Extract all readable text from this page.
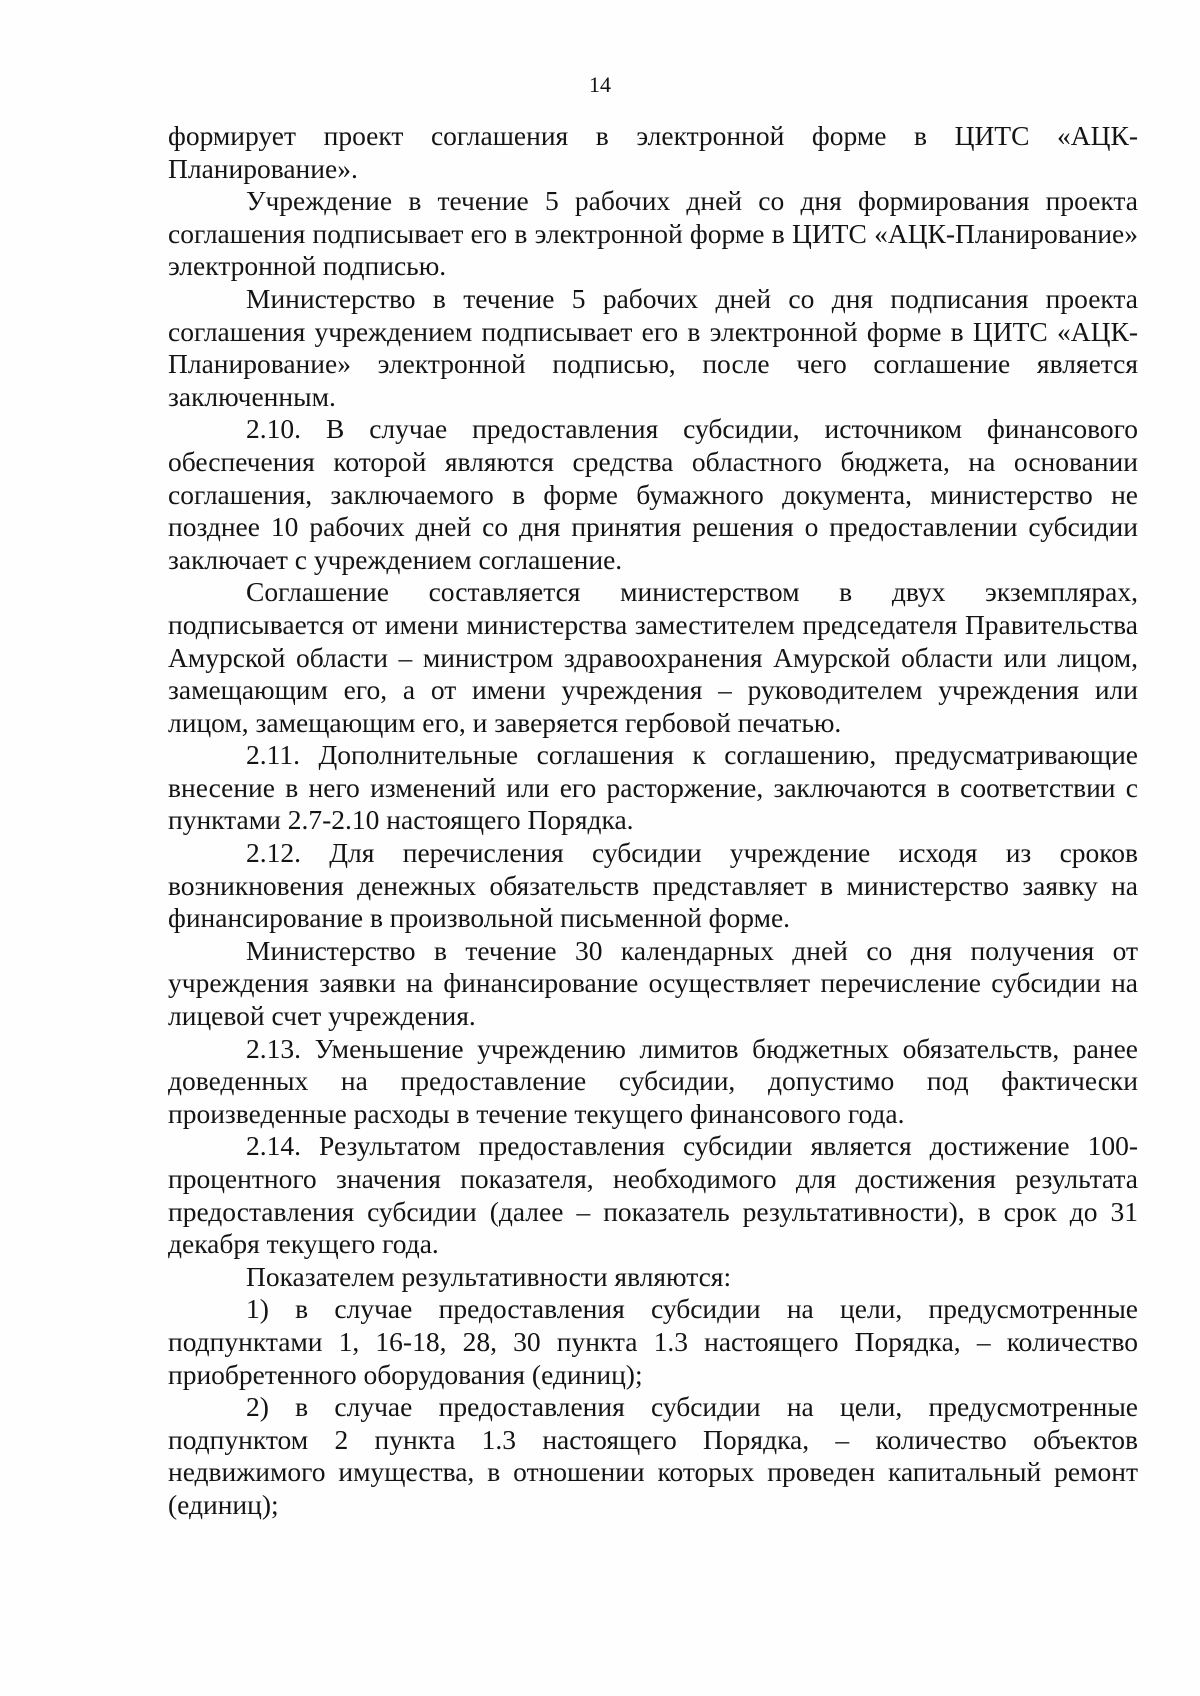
14

формирует проект соглашения в электронной форме в ЦИТС «АЦК-Планирование».

Учреждение в течение 5 рабочих дней со дня формирования проекта соглашения подписывает его в электронной форме в ЦИТС «АЦК-Планирование» электронной подписью.

Министерство в течение 5 рабочих дней со дня подписания проекта соглашения учреждением подписывает его в электронной форме в ЦИТС «АЦК-Планирование» электронной подписью, после чего соглашение является заключенным.

2.10. В случае предоставления субсидии, источником финансового обеспечения которой являются средства областного бюджета, на основании соглашения, заключаемого в форме бумажного документа, министерство не позднее 10 рабочих дней со дня принятия решения о предоставлении субсидии заключает с учреждением соглашение.

Соглашение составляется министерством в двух экземплярах, подписывается от имени министерства заместителем председателя Правительства Амурской области – министром здравоохранения Амурской области или лицом, замещающим его, а от имени учреждения – руководителем учреждения или лицом, замещающим его, и заверяется гербовой печатью.

2.11. Дополнительные соглашения к соглашению, предусматривающие внесение в него изменений или его расторжение, заключаются в соответствии с пунктами 2.7-2.10 настоящего Порядка.

2.12. Для перечисления субсидии учреждение исходя из сроков возникновения денежных обязательств представляет в министерство заявку на финансирование в произвольной письменной форме.

Министерство в течение 30 календарных дней со дня получения от учреждения заявки на финансирование осуществляет перечисление субсидии на лицевой счет учреждения.

2.13. Уменьшение учреждению лимитов бюджетных обязательств, ранее доведенных на предоставление субсидии, допустимо под фактически произведенные расходы в течение текущего финансового года.

2.14. Результатом предоставления субсидии является достижение 100-процентного значения показателя, необходимого для достижения результата предоставления субсидии (далее – показатель результативности), в срок до 31 декабря текущего года.

Показателем результативности являются:

1) в случае предоставления субсидии на цели, предусмотренные подпунктами 1, 16-18, 28, 30 пункта 1.3 настоящего Порядка, – количество приобретенного оборудования (единиц);

2) в случае предоставления субсидии на цели, предусмотренные подпунктом 2 пункта 1.3 настоящего Порядка, – количество объектов недвижимого имущества, в отношении которых проведен капитальный ремонт (единиц);
